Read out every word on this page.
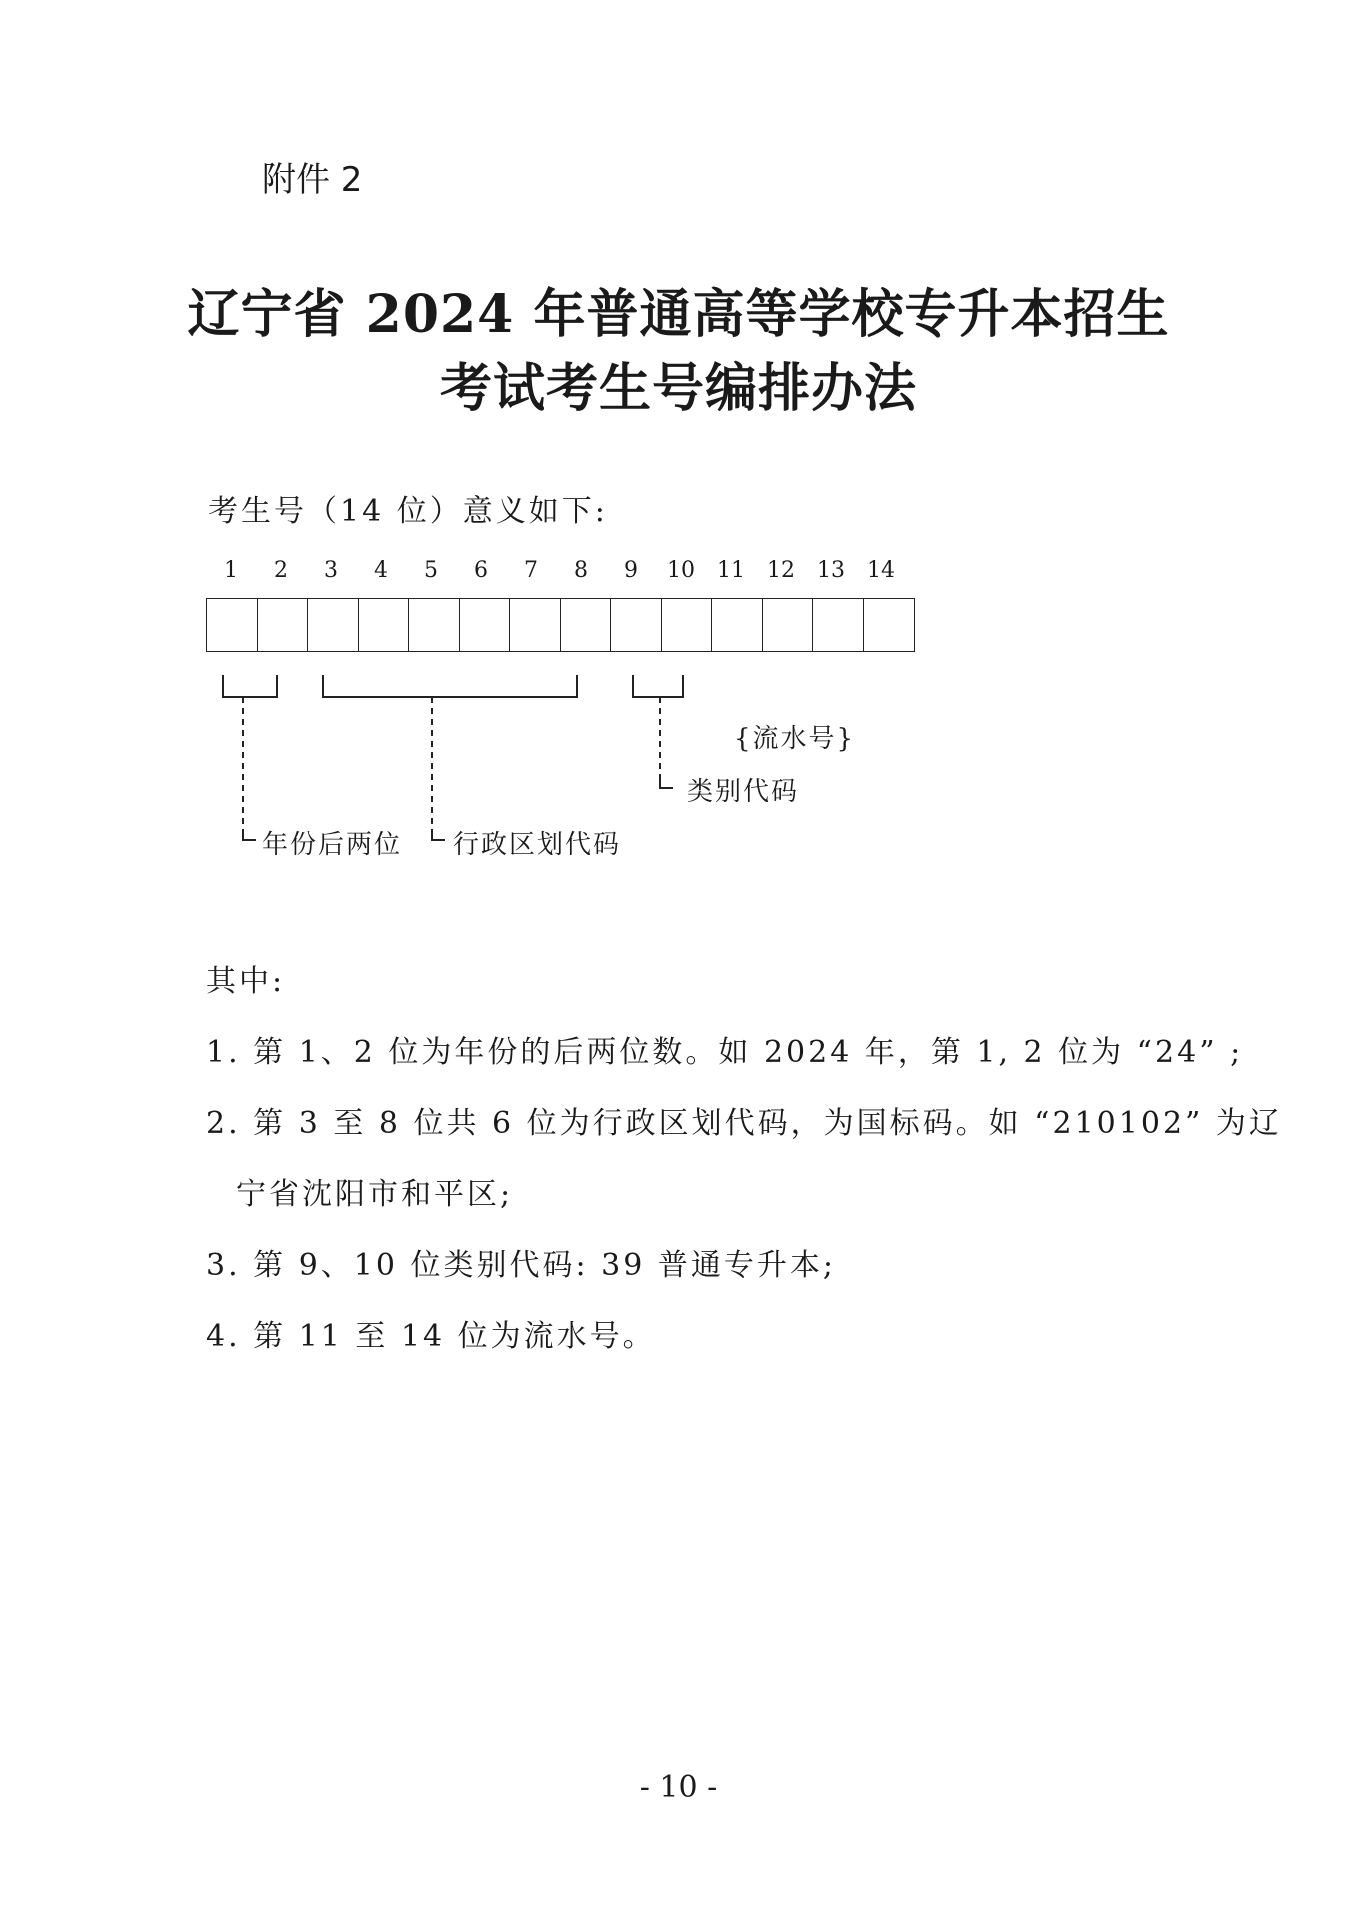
附件 2
辽宁省 2024 年普通高等学校专升本招生
考试考生号编排办法
考生号（14 位）意义如下:
1	2	3	4	5	6	7	8	9	10	11	12	13	14
{流水号}
类别代码
年份后两位 行政区划代码
其中:
1. 第 1、2 位为年份的后两位数。如 2024 年，第 1, 2 位为 “24” ;
2. 第 3 至 8 位共 6 位为行政区划代码，为国标码。如 “210102” 为辽
宁省沈阳市和平区;
3. 第 9、10 位类别代码: 39 普通专升本;
4. 第 11 至 14 位为流水号。
- 10 -
